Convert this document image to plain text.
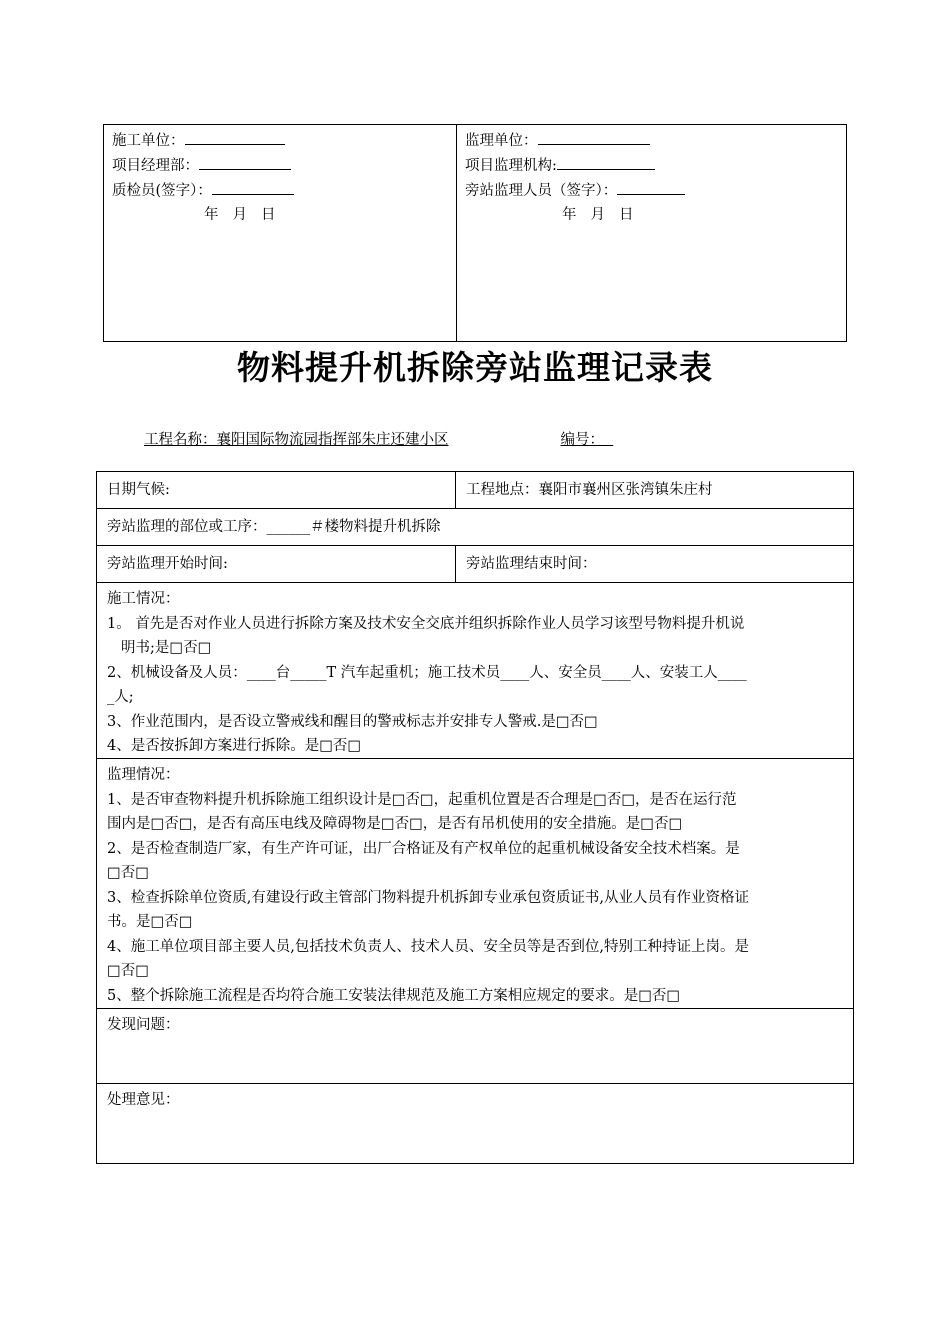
施工单位：
项目经理部：
质检员(签字）：
年 月 日
监理单位：
项目监理机构:
旁站监理人员（签字）：
年 月 日
物料提升机拆除旁站监理记录表
工程名称：襄阳国际物流园指挥部朱庄还建小区	编号：
日期气候:	工程地点：襄阳市襄州区张湾镇朱庄村
旁站监理的部位或工序：______＃楼物料提升机拆除
旁站监理开始时间:	旁站监理结束时间：
施工情况：
1。 首先是否对作业人员进行拆除方案及技术安全交底并组织拆除作业人员学习该型号物料提升机说
明书;是□否□
2、机械设备及人员：____台_____T 汽车起重机；施工技术员____人、安全员____人、安装工人____
_人;
3、作业范围内，是否设立警戒线和醒目的警戒标志并安排专人警戒.是□否□
4、是否按拆卸方案进行拆除。是□否□
监理情况：
1、是否审查物料提升机拆除施工组织设计是□否□，起重机位置是否合理是□否□，是否在运行范
围内是□否□，是否有高压电线及障碍物是□否□，是否有吊机使用的安全措施。是□否□
2、是否检查制造厂家，有生产许可证，出厂合格证及有产权单位的起重机械设备安全技术档案。是
□否□
3、检查拆除单位资质,有建设行政主管部门物料提升机拆卸专业承包资质证书,从业人员有作业资格证
书。是□否□
4、施工单位项目部主要人员,包括技术负责人、技术人员、安全员等是否到位,特别工种持证上岗。是
□否□
5、整个拆除施工流程是否均符合施工安装法律规范及施工方案相应规定的要求。是□否□
发现问题：
处理意见：
